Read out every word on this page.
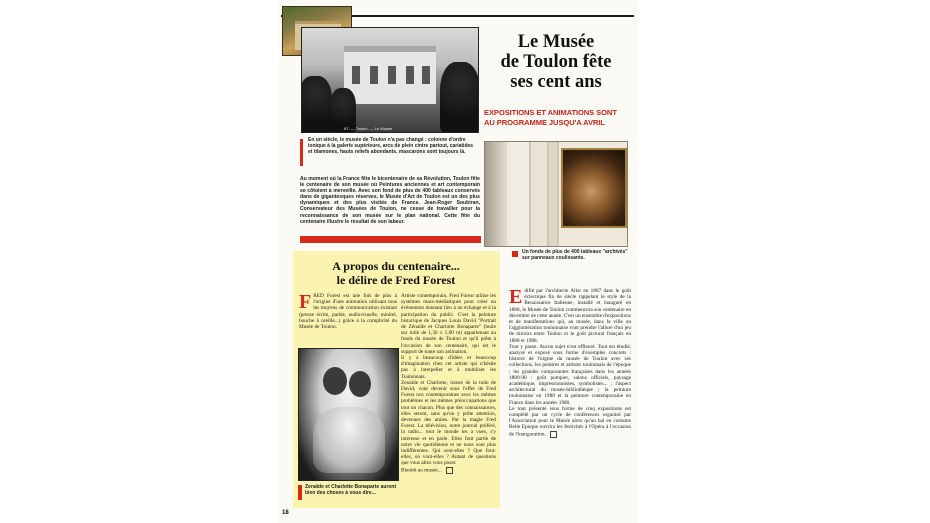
67. — Toulon. — Le Musée
Le Musée
de Toulon fête
ses cent ans
EXPOSITIONS ET ANIMATIONS SONT
AU PROGRAMME JUSQU'A AVRIL

En un siècle, le musée de Toulon n'a pas changé : colonne d'ordre ionique à la galerie supérieure, arcs de plein cintre partout, cariatides et tilamones, hauts reliefs abondants, mascarons sont toujours là.

Au moment où la France fête le bicentenaire de sa Révolution, Toulon fête le centenaire de son musée où Peintures anciennes et art contemporain se côtoient à merveille. Avec son fond de plus de 400 tableaux conservés dans de gigantesques réserves, le Musée d'Art de Toulon est un des plus dynamiques et des plus visités de France. Jean-Roger Soubiran, Conservateur des Musées de Toulon, ne cesse de travailler pour la reconnaissance de son musée sur le plan national. Cette fête du centenaire illustre le résultat de son labeur.

Un fonds de plus de 400 tableaux "archivés" sur panneaux coulissants.

A propos du centenaire...
le délire de Fred Forest

FRED Forest est une fois de plus à l'origine d'une animation utilisant tous les moyens de communication existant (presse écrite, parlée, audiovisuelle, minitel, bouche à oreille...) grâce à la complicité du Musée de Toulon.

Zenaïde et Charlotte Bonaparte auront bien des choses à vous dire...

Artiste contemporain, Fred Forest utilise les systèmes mass-médiatiques pour créer un événement donnant lieu à un échange et à la participation du public. C'est la peinture historique de Jacques Louis David "Portrait de Zénaïde et Charlotte Bonaparte" (huile sur toile de 1,30 x 1,00 m) appartenant au fonds du musée de Toulon et qu'il prête à l'occasion de son centenaire, qui est le support de toute son animation.

Il y a beaucoup d'idées et beaucoup d'imagination chez cet artiste qui n'hésite pas à interpeller et à mobiliser les Toulonnais.

Zenaïde et Charlotte, issues de la toile de David, vont devenir sous l'effet de Fred Forest nos contemporaines avec les mêmes problèmes et les mêmes préoccupations que tout un chacun. Plus que des connaissances, elles seront, sans qu'on y prête attention, devenues des amies. Par la magie Fred Forest. La télévision, notre journal préféré, la radio... tout le monde les a vues, s'y intéresse et en parle. Elles font partie de notre vie quotidienne et ne nous sont plus indifférentes. Qui sont-elles ? Que font-elles, où vont-elles ? Autant de questions que vous allez vous poser.

Bientôt au musée...

Edifié par l'architecte Allar en 1887 dans le goût éclectique fin de siècle rappelant le style de la Renaissance Italienne, installé et inauguré en 1888, le Musée de Toulon commencera son centenaire en décembre de cette année. C'est un ensemble d'expositions et de manifestations qui, au musée, dans la ville ou l'agglomération toulonnaise vont prendre l'allure d'un jeu de miroirs entre Toulon et le goût pictural français en 1888 et 1988.

Tout y passe. Aucun sujet n'est effleuré. Tout est étudié, analysé et exposé sous forme d'exemples concrets : histoire de l'orgine du musée de Toulon avec ses collections, les peintres et artistes toulonnais de l'époque ; les grandes composantes françaises dans les années 1880-90 : goût pompier, salons officiels, paysage académique, impressionnistes, symbolistes... ; l'aspect architectural du musée-bibliothèque ; la peinture toulonnaise en 1988 et la peinture contemporaine en France dans les années 1980.

Le tout présenté sous forme de cinq expositions est complété par un cycle de conférences organisé par l'Association pour le Musée alors qu'un bal en costume Belle Epoque ouvrira les festivités à l'Opéra à l'occasion de l'inauguration.

18
